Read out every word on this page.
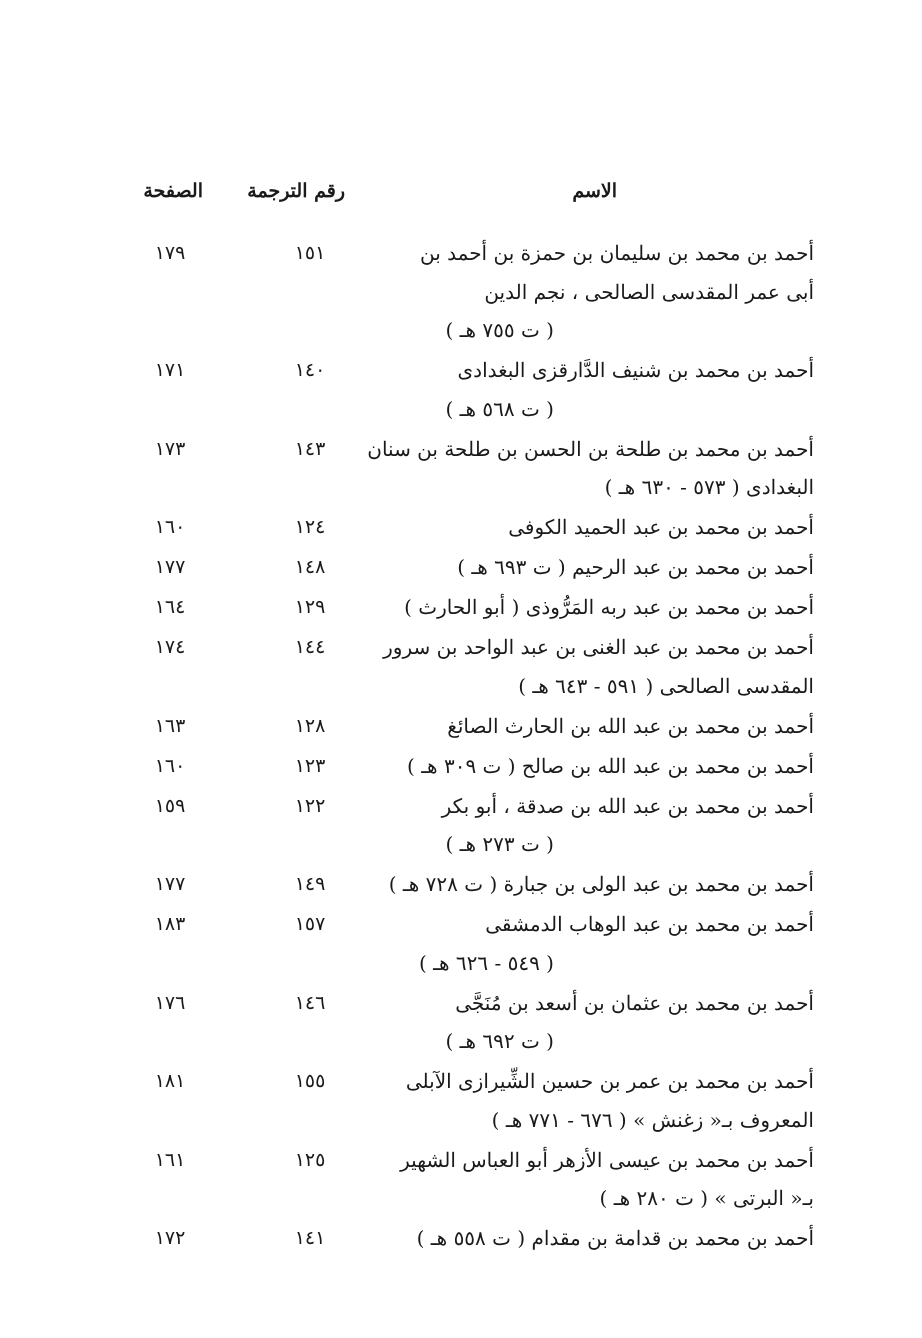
الاسم
رقم الترجمة
الصفحة
أحمد بن محمد بن سليمان بن حمزة بن أحمد بن
أبى عمر المقدسى الصالحى ، نجم الدين
( ت ٧٥٥ هـ )
١٥١
١٧٩
أحمد بن محمد بن شنيف الدَّارقزى البغدادى
( ت ٥٦٨ هـ )
١٤٠
١٧١
أحمد بن محمد بن طلحة بن الحسن بن طلحة بن سنان
البغدادى ( ٥٧٣ - ٦٣٠ هـ )
١٤٣
١٧٣
أحمد بن محمد بن عبد الحميد الكوفى
١٢٤
١٦٠
أحمد بن محمد بن عبد الرحيم ( ت ٦٩٣ هـ )
١٤٨
١٧٧
أحمد بن محمد بن عبد ربه المَرُّوذى ( أبو الحارث )
١٢٩
١٦٤
أحمد بن محمد بن عبد الغنى بن عبد الواحد بن سرور
المقدسى الصالحى ( ٥٩١ - ٦٤٣ هـ )
١٤٤
١٧٤
أحمد بن محمد بن عبد الله بن الحارث الصائغ
١٢٨
١٦٣
أحمد بن محمد بن عبد الله بن صالح ( ت ٣٠٩ هـ )
١٢٣
١٦٠
أحمد بن محمد بن عبد الله بن صدقة ، أبو بكر
( ت ٢٧٣ هـ )
١٢٢
١٥٩
أحمد بن محمد بن عبد الولى بن جبارة ( ت ٧٢٨ هـ )
١٤٩
١٧٧
أحمد بن محمد بن عبد الوهاب الدمشقى
( ٥٤٩ - ٦٢٦ هـ )
١٥٧
١٨٣
أحمد بن محمد بن عثمان بن أسعد بن مُنَجَّى
( ت ٦٩٢ هـ )
١٤٦
١٧٦
أحمد بن محمد بن عمر بن حسين الشِّيرازى الآبلى
المعروف بـ« زغنش » ( ٦٧٦ - ٧٧١ هـ )
١٥٥
١٨١
أحمد بن محمد بن عيسى الأزهر أبو العباس الشهير
بـ« البرتى » ( ت ٢٨٠ هـ )
١٢٥
١٦١
أحمد بن محمد بن قدامة بن مقدام ( ت ٥٥٨ هـ )
١٤١
١٧٢
